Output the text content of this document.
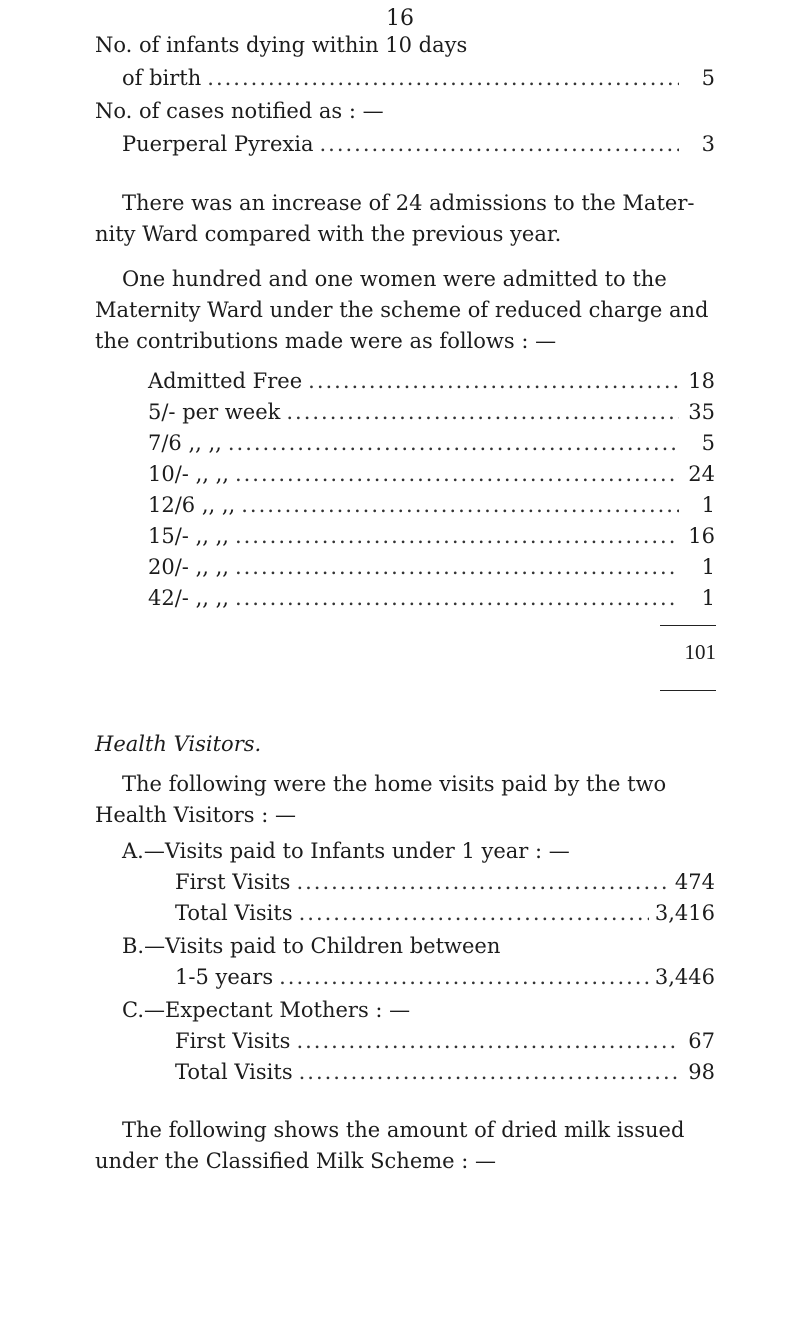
16
No. of infants dying within 10 days
of birth .....	5
No. of cases notified as : —
Puerperal Pyrexia .....	3
There was an increase of 24 admissions to the Mater- nity Ward compared with the previous year.
One hundred and one women were admitted to the Maternity Ward under the scheme of reduced charge and the contributions made were as follows : —
Admitted Free .....	18
5/- per week .....	35
7/6 ,, ,, .....	5
10/- ,, ,, .....	24
12/6 ,, ,, .....	1
15/- ,, ,, .....	16
20/- ,, ,, .....	1
42/- ,, ,, .....	1
101
Health Visitors.
The following were the home visits paid by the two Health Visitors : —
A.—Visits paid to Infants under 1 year : —
First Visits .....	474
Total Visits .....	3,416
B.—Visits paid to Children between
1-5 years .....	3,446
C.—Expectant Mothers : —
First Visits .....	67
Total Visits .....	98
The following shows the amount of dried milk issued under the Classified Milk Scheme : —
